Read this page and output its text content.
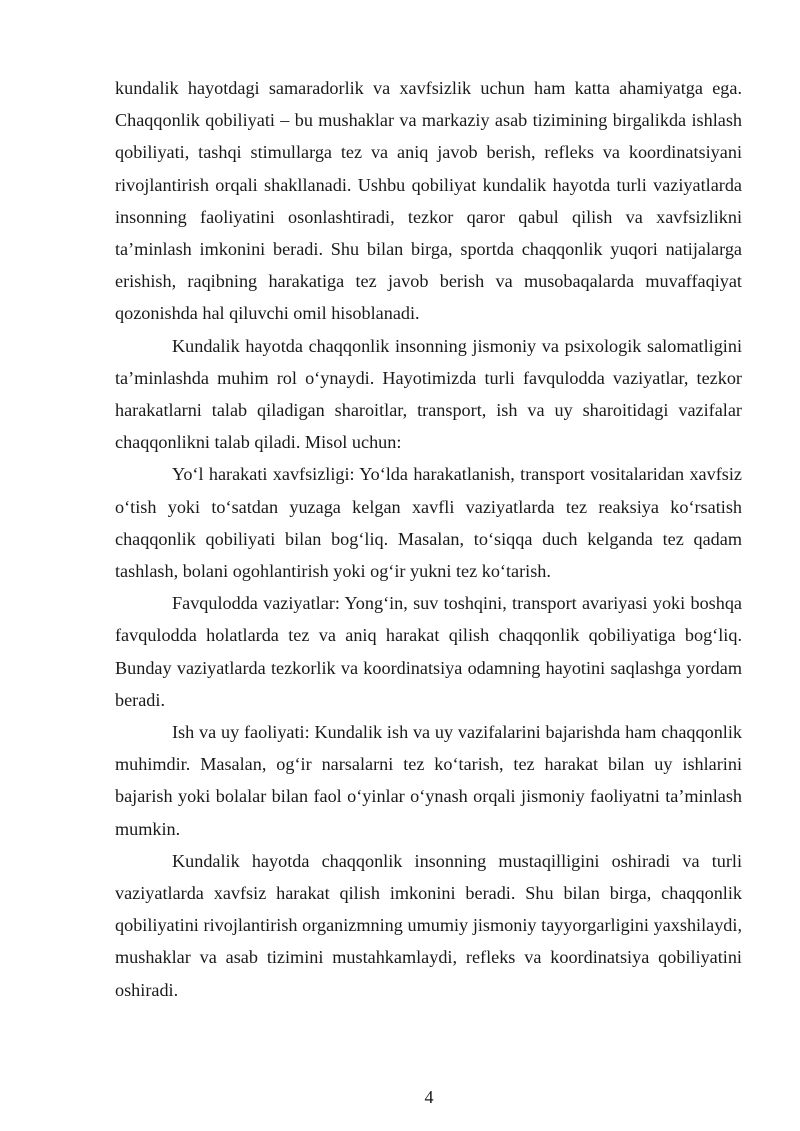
kundalik hayotdagi samaradorlik va xavfsizlik uchun ham katta ahamiyatga ega. Chaqqonlik qobiliyati – bu mushaklar va markaziy asab tizimining birgalikda ishlash qobiliyati, tashqi stimullarga tez va aniq javob berish, refleks va koordinatsiyani rivojlantirish orqali shakllanadi. Ushbu qobiliyat kundalik hayotda turli vaziyatlarda insonning faoliyatini osonlashtiradi, tezkor qaror qabul qilish va xavfsizlikni ta’minlash imkonini beradi. Shu bilan birga, sportda chaqqonlik yuqori natijalarga erishish, raqibning harakatiga tez javob berish va musobaqalarda muvaffaqiyat qozonishda hal qiluvchi omil hisoblanadi.

Kundalik hayotda chaqqonlik insonning jismoniy va psixologik salomatligini ta’minlashda muhim rol o‘ynaydi. Hayotimizda turli favqulodda vaziyatlar, tezkor harakatlarni talab qiladigan sharoitlar, transport, ish va uy sharoitidagi vazifalar chaqqonlikni talab qiladi. Misol uchun:

Yo‘l harakati xavfsizligi: Yo‘lda harakatlanish, transport vositalaridan xavfsiz o‘tish yoki to‘satdan yuzaga kelgan xavfli vaziyatlarda tez reaksiya ko‘rsatish chaqqonlik qobiliyati bilan bog‘liq. Masalan, to‘siqqa duch kelganda tez qadam tashlash, bolani ogohlantirish yoki og‘ir yukni tez ko‘tarish.

Favqulodda vaziyatlar: Yong‘in, suv toshqini, transport avariyasi yoki boshqa favqulodda holatlarda tez va aniq harakat qilish chaqqonlik qobiliyatiga bog‘liq. Bunday vaziyatlarda tezkorlik va koordinatsiya odamning hayotini saqlashga yordam beradi.

Ish va uy faoliyati: Kundalik ish va uy vazifalarini bajarishda ham chaqqonlik muhimdir. Masalan, og‘ir narsalarni tez ko‘tarish, tez harakat bilan uy ishlarini bajarish yoki bolalar bilan faol o‘yinlar o‘ynash orqali jismoniy faoliyatni ta’minlash mumkin.

Kundalik hayotda chaqqonlik insonning mustaqilligini oshiradi va turli vaziyatlarda xavfsiz harakat qilish imkonini beradi. Shu bilan birga, chaqqonlik qobiliyatini rivojlantirish organizmning umumiy jismoniy tayyorgarligini yaxshilaydi, mushaklar va asab tizimini mustahkamlaydi, refleks va koordinatsiya qobiliyatini oshiradi.

4
